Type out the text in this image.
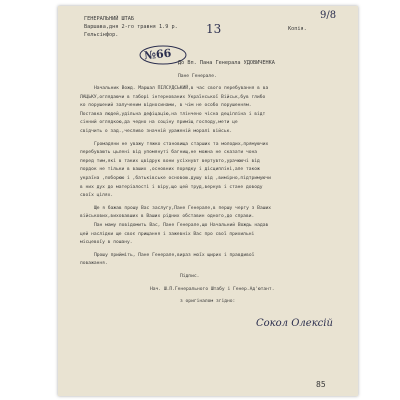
ГЕНЕРАЛЬНИЙ ШТАБ
Варшава,дня 2-го травня 1.9 р.
Гельсінфор.
Копія.
13
9/8
№66
До Вп. Пана Генерала УДОВИЧЕНКА
Пане Генерале.
Начальник Вожд. Маршал ПІЛСУДСЬКИЙ,в час свого перебування в ва
ЛАЦЬКУ,оглядаючи в таборі інтернованих Української Військ,був глибо
ко порушений залученим відносинами, в чім не особо порушенням.
Поставка людей,удільна дефіцацію,на тлінчено чісна деціпліна і відт
сінний оглядкою,да чедно на соціну приміщ господу,мети це
свідчить о зад.,чесливо значній ураженій моралі військ.
Громадяни не уважу тяжко становища старших та молодих,прямуючих
перебувають цьлені від упомянуті багнищ,не можна не сказати чона
перед тим,які в таких цвідрук вони усіхнувт вертувто,урачюючі від
пордок не тільки в ваших ,основних порядку і дісципліні,але також
україна ,поборюю і ,батьківське основою.душу від ,вимірно,підтримуючи
в них дух до матеріалості і віру,що цей труд,вернув і стане доводу
своїх цілях.
Ще я бажав прошу Вас заслугу,Пане Генерале,в першу чергу з Ваших
військових,виховавших в Ваших рідних обставин одного,до справи.
Пан маму повідомить Вас, Пане Генерале,що Начальний Вождь надав
цей наслідки ще своє прищання і зажевніх Вас про свої прихильні
місцевоїу в пошану.
Прошу прийміть, Пане Генерале,вираз моїх щирих і правдивої
поважання.
Підпис.
Нач. Ш.П.Генерального Штабу і Генер.Ад'ютант.
з оригіналом згідно:
Сокол Олексій
85
